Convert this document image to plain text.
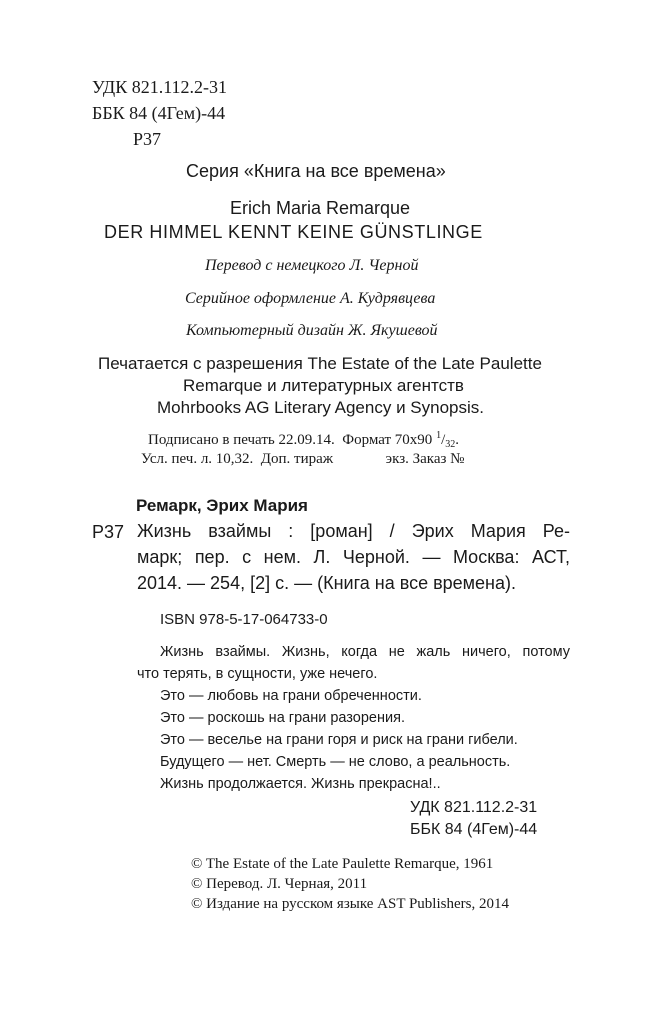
УДК 821.112.2-31
ББК 84 (4Гем)-44
Р37
Серия «Книга на все времена»
Erich Maria Remarque
DER HIMMEL KENNT KEINE GÜNSTLINGE
Перевод с немецкого Л. Черной
Серийное оформление А. Кудрявцева
Компьютерный дизайн Ж. Якушевой
Печатается с разрешения The Estate of the Late Paulette
Remarque и литературных агентств
Mohrbooks AG Literary Agency и Synopsis.
Подписано в печать 22.09.14.  Формат 70х90 $^1/_{32}$.
Усл. печ. л. 10,32.  Доп. тираж              экз. Заказ №
Ремарк, Эрих Мария
Р37 Жизнь взаймы : [роман] / Эрих Мария Ре-
марк; пер. с нем. Л. Черной. — Москва: АСТ,
2014. — 254, [2] с. — (Книга на все времена).
ISBN 978-5-17-064733-0
Жизнь взаймы. Жизнь, когда не жаль ничего, потому
что терять, в сущности, уже нечего.
Это — любовь на грани обреченности.
Это — роскошь на грани разорения.
Это — веселье на грани горя и риск на грани гибели.
Будущего — нет. Смерть — не слово, а реальность.
Жизнь продолжается. Жизнь прекрасна!..
УДК 821.112.2-31
ББК 84 (4Гем)-44
© The Estate of the Late Paulette Remarque, 1961
© Перевод. Л. Черная, 2011
© Издание на русском языке AST Publishers, 2014
